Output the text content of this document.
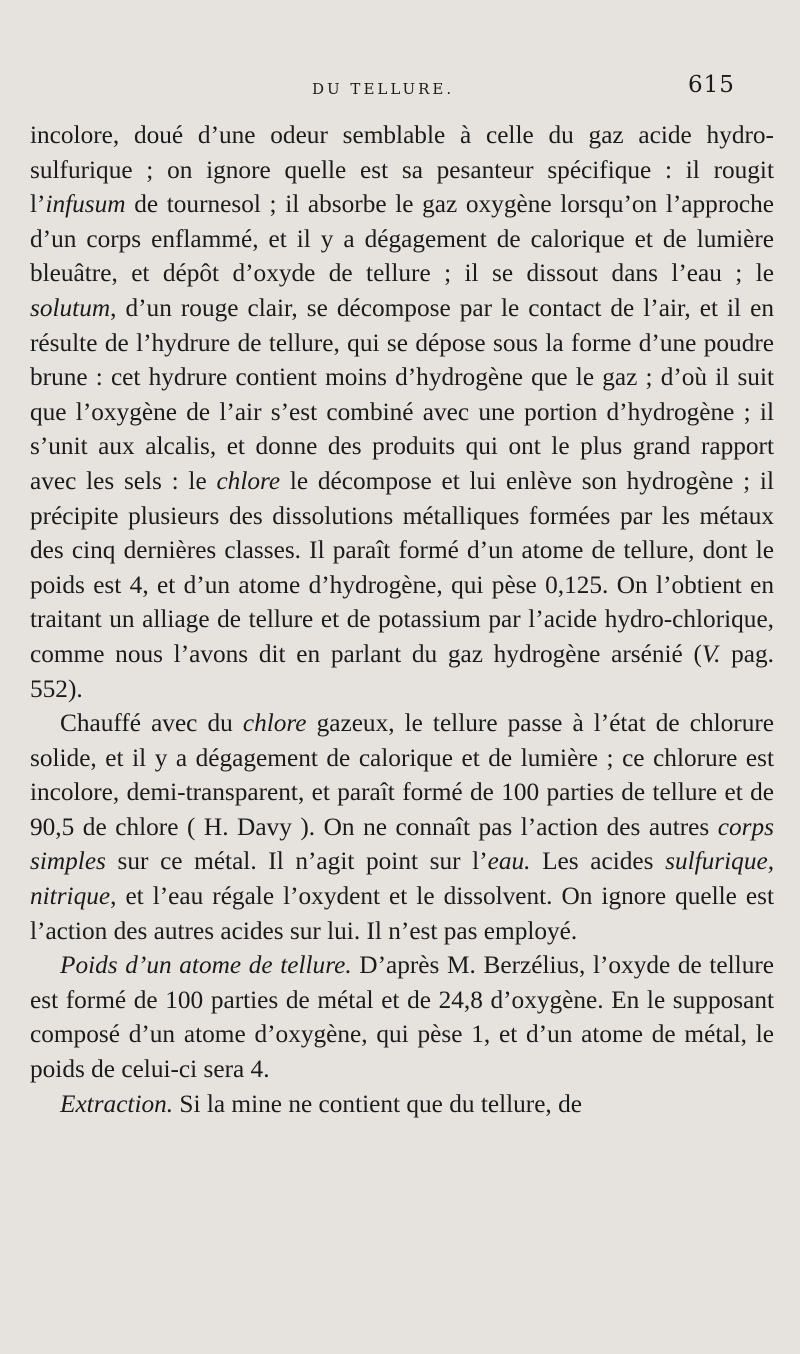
DU TELLURE.	615

incolore, doué d’une odeur semblable à celle du gaz acide hydro-sulfurique ; on ignore quelle est sa pesanteur spécifique : il rougit l’infusum de tournesol ; il absorbe le gaz oxygène lorsqu’on l’approche d’un corps enflammé, et il y a dégagement de calorique et de lumière bleuâtre, et dépôt d’oxyde de tellure ; il se dissout dans l’eau ; le solutum, d’un rouge clair, se décompose par le contact de l’air, et il en résulte de l’hydrure de tellure, qui se dépose sous la forme d’une poudre brune : cet hydrure contient moins d’hydrogène que le gaz ; d’où il suit que l’oxygène de l’air s’est combiné avec une portion d’hydrogène ; il s’unit aux alcalis, et donne des produits qui ont le plus grand rapport avec les sels : le chlore le décompose et lui enlève son hydrogène ; il précipite plusieurs des dissolutions métalliques formées par les métaux des cinq dernières classes. Il paraît formé d’un atome de tellure, dont le poids est 4, et d’un atome d’hydrogène, qui pèse 0,125. On l’obtient en traitant un alliage de tellure et de potassium par l’acide hydro-chlorique, comme nous l’avons dit en parlant du gaz hydrogène arsénié (V. pag. 552).

Chauffé avec du chlore gazeux, le tellure passe à l’état de chlorure solide, et il y a dégagement de calorique et de lumière ; ce chlorure est incolore, demi-transparent, et paraît formé de 100 parties de tellure et de 90,5 de chlore ( H. Davy ). On ne connaît pas l’action des autres corps simples sur ce métal. Il n’agit point sur l’eau. Les acides sulfurique, nitrique, et l’eau régale l’oxydent et le dissolvent. On ignore quelle est l’action des autres acides sur lui. Il n’est pas employé.

Poids d’un atome de tellure. D’après M. Berzélius, l’oxyde de tellure est formé de 100 parties de métal et de 24,8 d’oxygène. En le supposant composé d’un atome d’oxygène, qui pèse 1, et d’un atome de métal, le poids de celui-ci sera 4.

Extraction. Si la mine ne contient que du tellure, de
